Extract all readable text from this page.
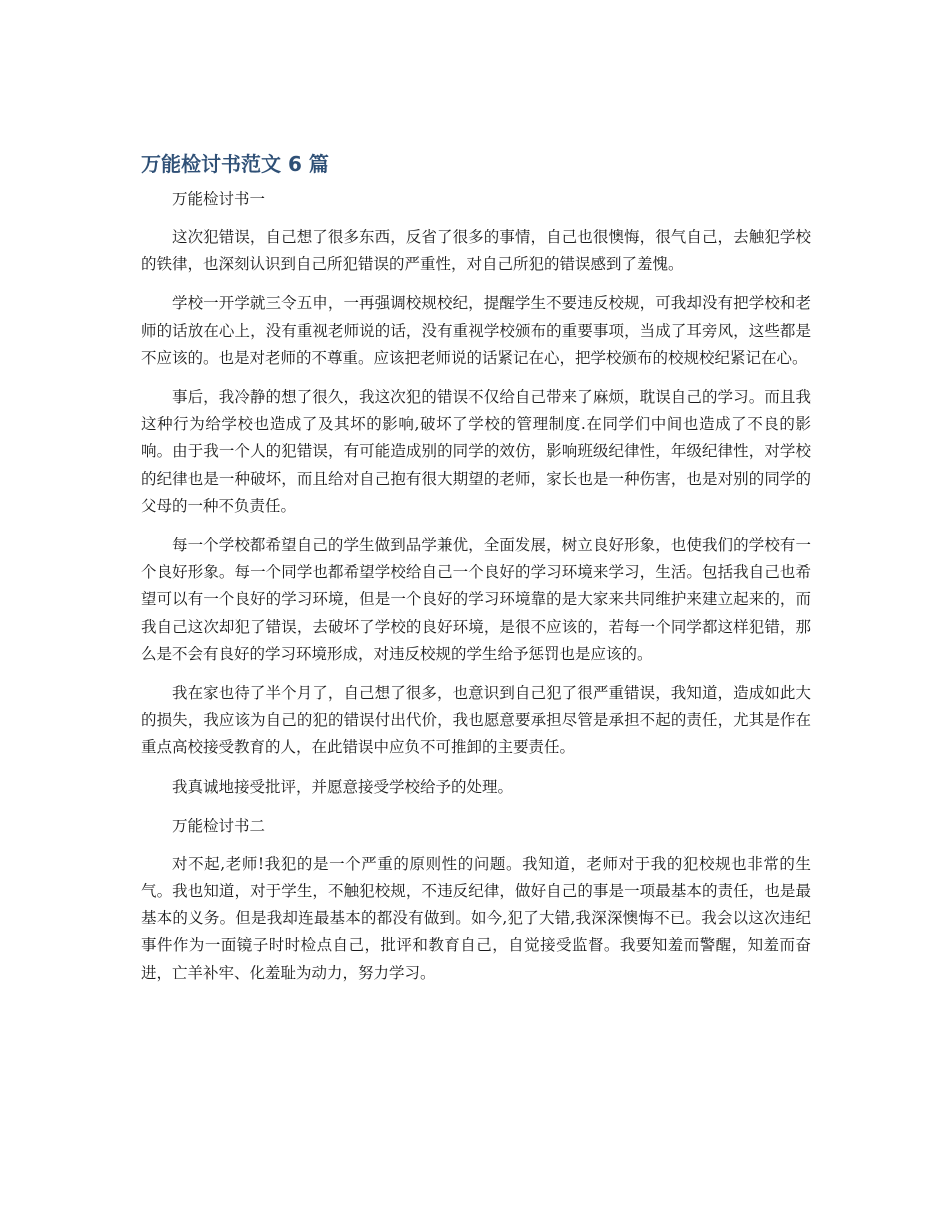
万能检讨书范文 6 篇
万能检讨书一

这次犯错误，自己想了很多东西，反省了很多的事情，自己也很懊悔，很气自己，去触犯学校的铁律，也深刻认识到自己所犯错误的严重性，对自己所犯的错误感到了羞愧。

学校一开学就三令五申，一再强调校规校纪，提醒学生不要违反校规，可我却没有把学校和老师的话放在心上，没有重视老师说的话，没有重视学校颁布的重要事项，当成了耳旁风，这些都是不应该的。也是对老师的不尊重。应该把老师说的话紧记在心，把学校颁布的校规校纪紧记在心。

事后，我冷静的想了很久，我这次犯的错误不仅给自己带来了麻烦，耽误自己的学习。而且我这种行为给学校也造成了及其坏的影响,破坏了学校的管理制度.在同学们中间也造成了不良的影响。由于我一个人的犯错误，有可能造成别的同学的效仿，影响班级纪律性，年级纪律性，对学校的纪律也是一种破坏，而且给对自己抱有很大期望的老师，家长也是一种伤害，也是对别的同学的父母的一种不负责任。

每一个学校都希望自己的学生做到品学兼优，全面发展，树立良好形象，也使我们的学校有一个良好形象。每一个同学也都希望学校给自己一个良好的学习环境来学习，生活。包括我自己也希望可以有一个良好的学习环境，但是一个良好的学习环境靠的是大家来共同维护来建立起来的，而我自己这次却犯了错误，去破坏了学校的良好环境，是很不应该的，若每一个同学都这样犯错，那么是不会有良好的学习环境形成，对违反校规的学生给予惩罚也是应该的。

我在家也待了半个月了，自己想了很多，也意识到自己犯了很严重错误，我知道，造成如此大的损失，我应该为自己的犯的错误付出代价，我也愿意要承担尽管是承担不起的责任，尤其是作在重点高校接受教育的人，在此错误中应负不可推卸的主要责任。

我真诚地接受批评，并愿意接受学校给予的处理。

万能检讨书二

对不起,老师!我犯的是一个严重的原则性的问题。我知道，老师对于我的犯校规也非常的生气。我也知道，对于学生，不触犯校规，不违反纪律，做好自己的事是一项最基本的责任，也是最基本的义务。但是我却连最基本的都没有做到。如今,犯了大错,我深深懊悔不已。我会以这次违纪事件作为一面镜子时时检点自己，批评和教育自己，自觉接受监督。我要知羞而警醒，知羞而奋进，亡羊补牢、化羞耻为动力，努力学习。
